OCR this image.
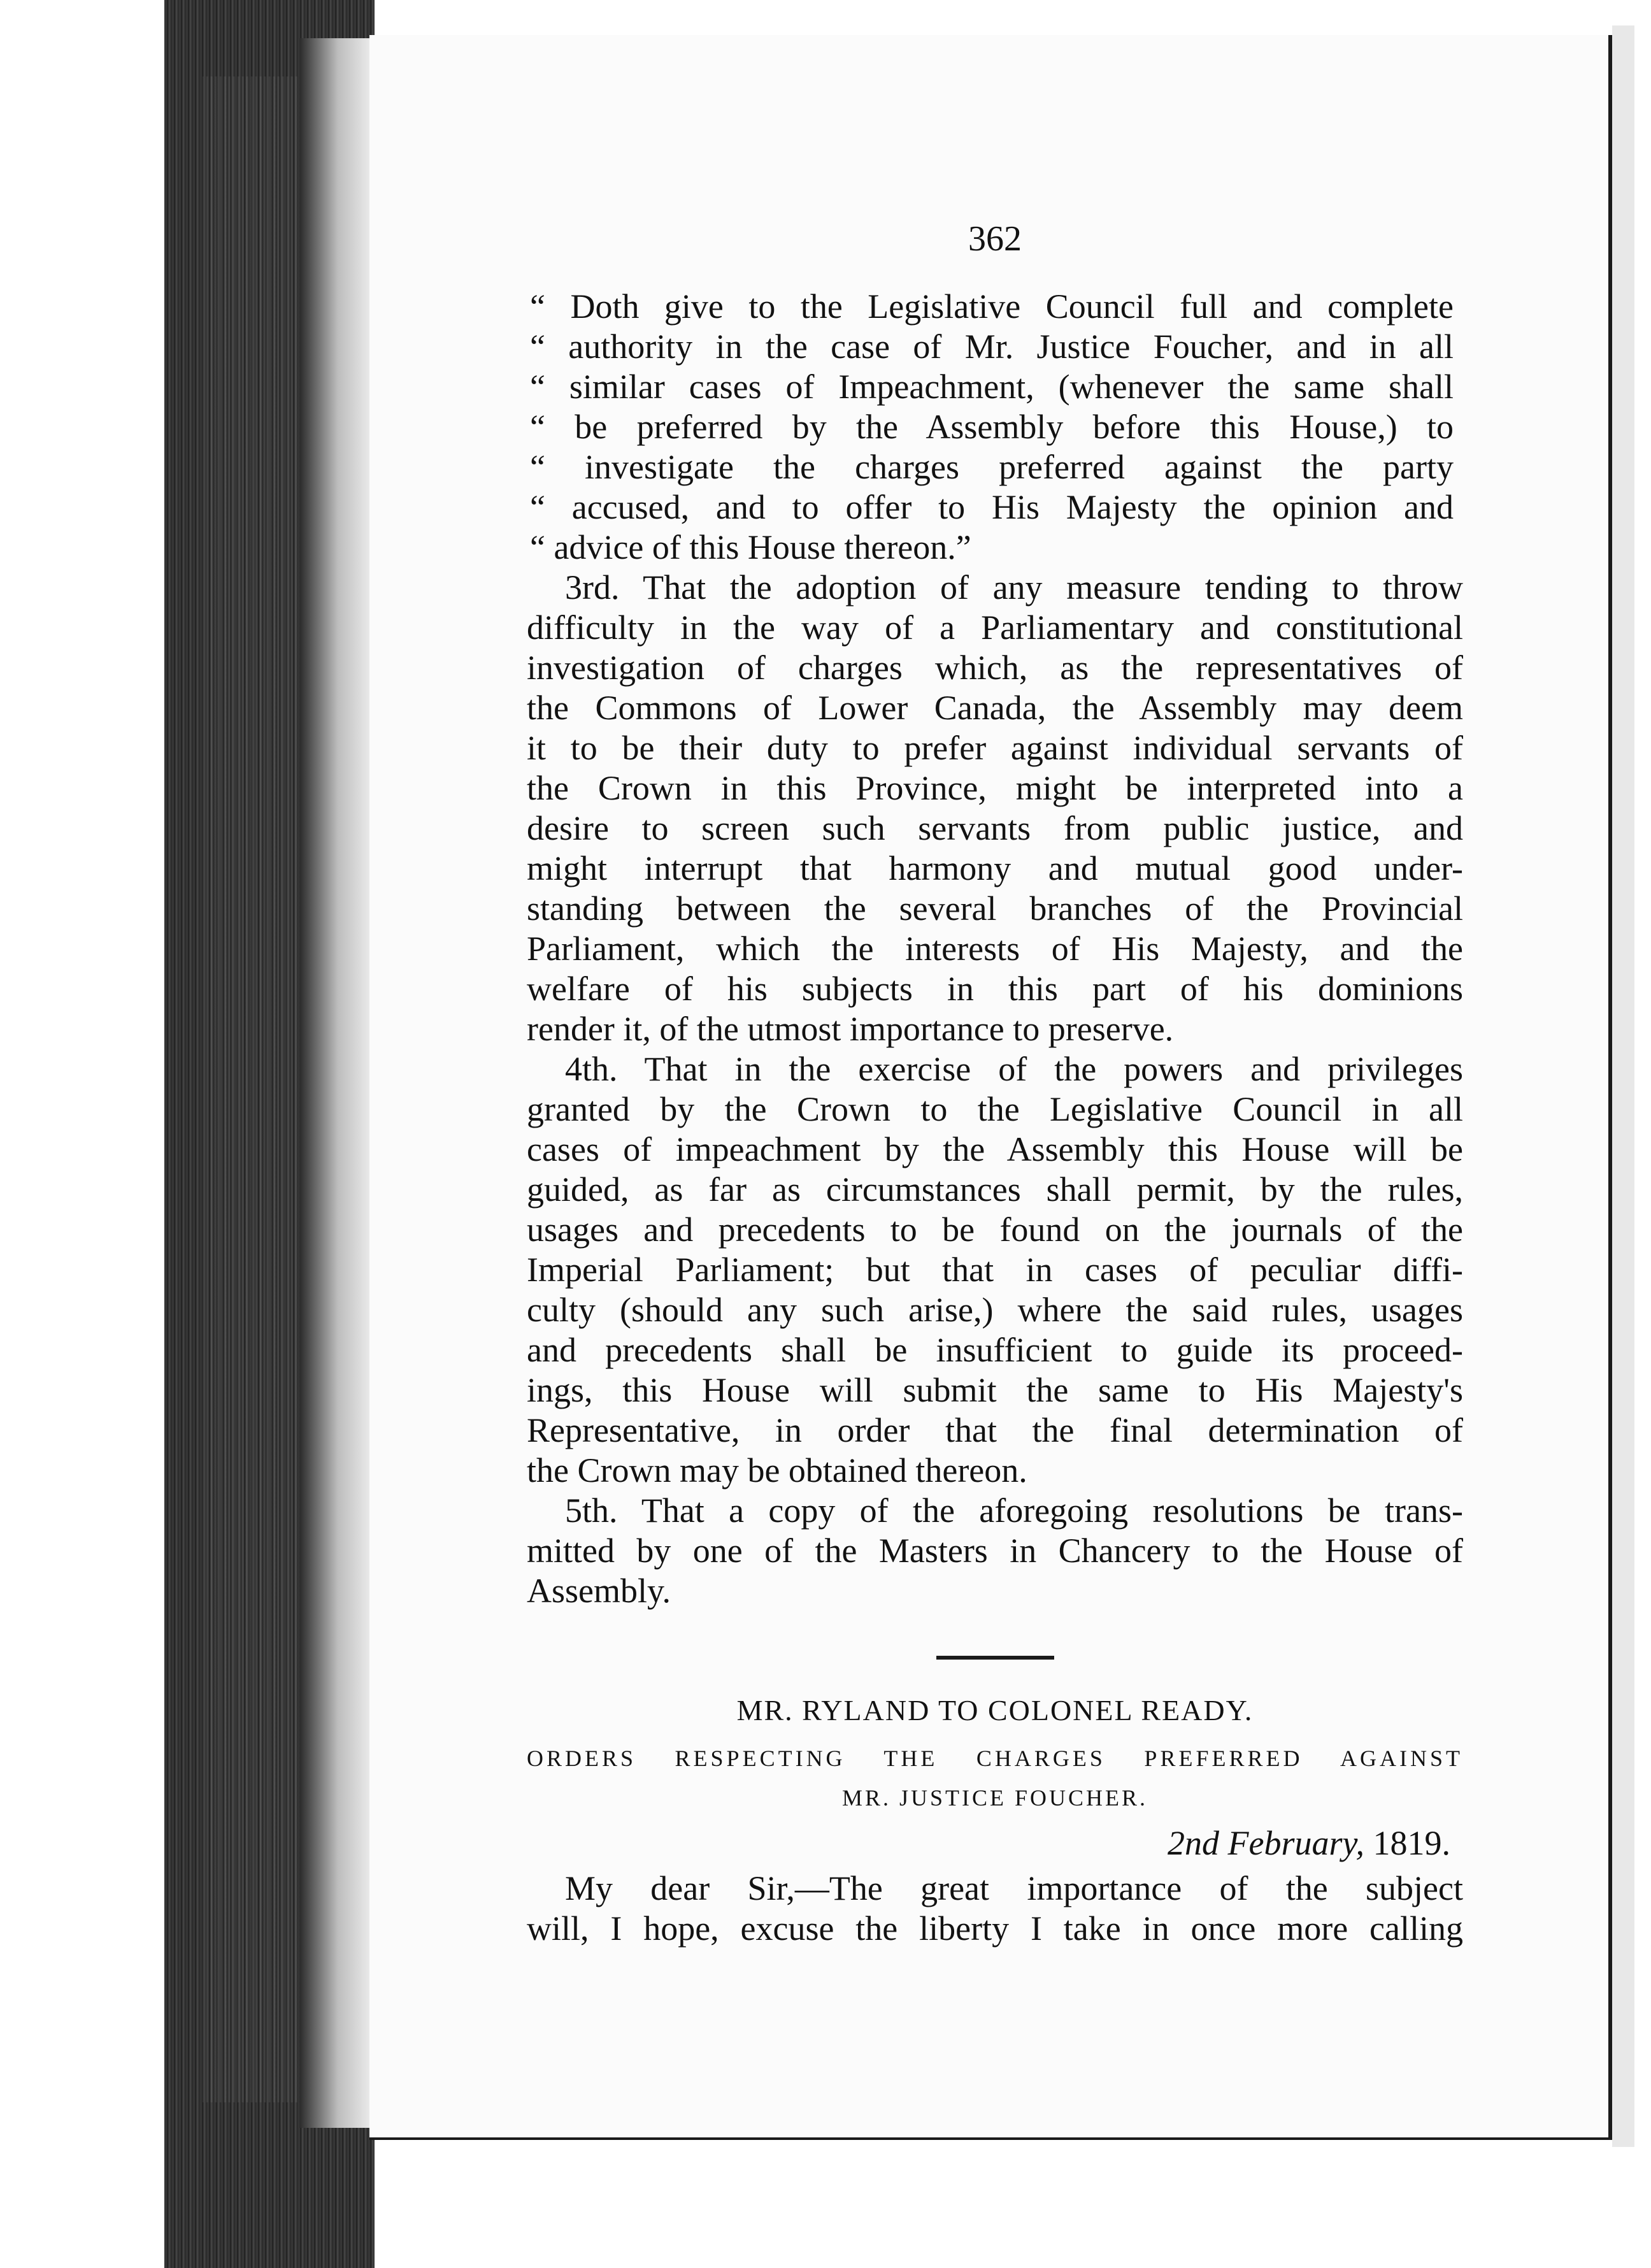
362
“ Doth give to the Legislative Council full and complete
“ authority in the case of Mr. Justice Foucher, and in all
“ similar cases of Impeachment, (whenever the same shall
“ be preferred by the Assembly before this House,) to
“ investigate the charges preferred against the party
“ accused, and to offer to His Majesty the opinion and
“ advice of this House thereon.”
3rd. That the adoption of any measure tending to throw
difficulty in the way of a Parliamentary and constitutional
investigation of charges which, as the representatives of
the Commons of Lower Canada, the Assembly may deem
it to be their duty to prefer against individual servants of
the Crown in this Province, might be interpreted into a
desire to screen such servants from public justice, and
might interrupt that harmony and mutual good under-
standing between the several branches of the Provincial
Parliament, which the interests of His Majesty, and the
welfare of his subjects in this part of his dominions
render it, of the utmost importance to preserve.
4th. That in the exercise of the powers and privileges
granted by the Crown to the Legislative Council in all
cases of impeachment by the Assembly this House will be
guided, as far as circumstances shall permit, by the rules,
usages and precedents to be found on the journals of the
Imperial Parliament; but that in cases of peculiar diffi-
culty (should any such arise,) where the said rules, usages
and precedents shall be insufficient to guide its proceed-
ings, this House will submit the same to His Majesty's
Representative, in order that the final determination of
the Crown may be obtained thereon.
5th. That a copy of the aforegoing resolutions be trans-
mitted by one of the Masters in Chancery to the House of
Assembly.
MR. RYLAND TO COLONEL READY.
ORDERS RESPECTING THE CHARGES PREFERRED AGAINST
MR. JUSTICE FOUCHER.
2nd February, 1819.
My dear Sir,—The great importance of the subject
will, I hope, excuse the liberty I take in once more calling
